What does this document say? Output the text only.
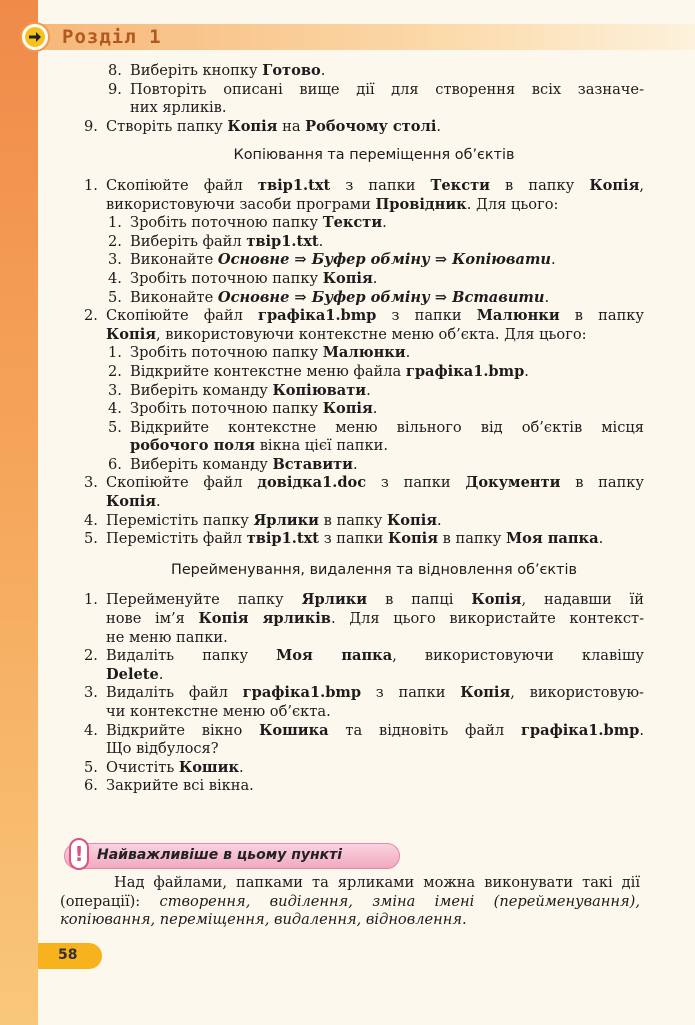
Розділ 1
8. Виберіть кнопку Готово.
9. Повторіть описані вище дії для створення всіх зазначе-
них ярликів.
9. Створіть папку Копія на Робочому столі.
Копіювання та переміщення об’єктів
1. Скопіюйте файл твір1.txt з папки Тексти в папку Копія,
використовуючи засоби програми Провідник. Для цього:
1. Зробіть поточною папку Тексти.
2. Виберіть файл твір1.txt.
3. Виконайте Основне ⇒ Буфер обміну ⇒ Копіювати.
4. Зробіть поточною папку Копія.
5. Виконайте Основне ⇒ Буфер обміну ⇒ Вставити.
2. Скопіюйте файл графіка1.bmp з папки Малюнки в папку
Копія, використовуючи контекстне меню об’єкта. Для цього:
1. Зробіть поточною папку Малюнки.
2. Відкрийте контекстне меню файла графіка1.bmp.
3. Виберіть команду Копіювати.
4. Зробіть поточною папку Копія.
5. Відкрийте контекстне меню вільного від об’єктів місця
робочого поля вікна цієї папки.
6. Виберіть команду Вставити.
3. Скопіюйте файл довідка1.doc з папки Документи в папку
Копія.
4. Перемістіть папку Ярлики в папку Копія.
5. Перемістіть файл твір1.txt з папки Копія в папку Моя папка.
Перейменування, видалення та відновлення об’єктів
1. Перейменуйте папку Ярлики в папці Копія, надавши їй
нове ім’я Копія ярликів. Для цього використайте контекст-
не меню папки.
2. Видаліть папку Моя папка, використовуючи клавішу
Delete.
3. Видаліть файл графіка1.bmp з папки Копія, використовую-
чи контекстне меню об’єкта.
4. Відкрийте вікно Кошика та відновіть файл графіка1.bmp.
Що відбулося?
5. Очистіть Кошик.
6. Закрийте всі вікна.
! Найважливіше в цьому пункті
Над файлами, папками та ярликами можна виконувати такі дії (операції): створення, виділення, зміна імені (перейменування), копіювання, переміщення, видалення, відновлення.
58
